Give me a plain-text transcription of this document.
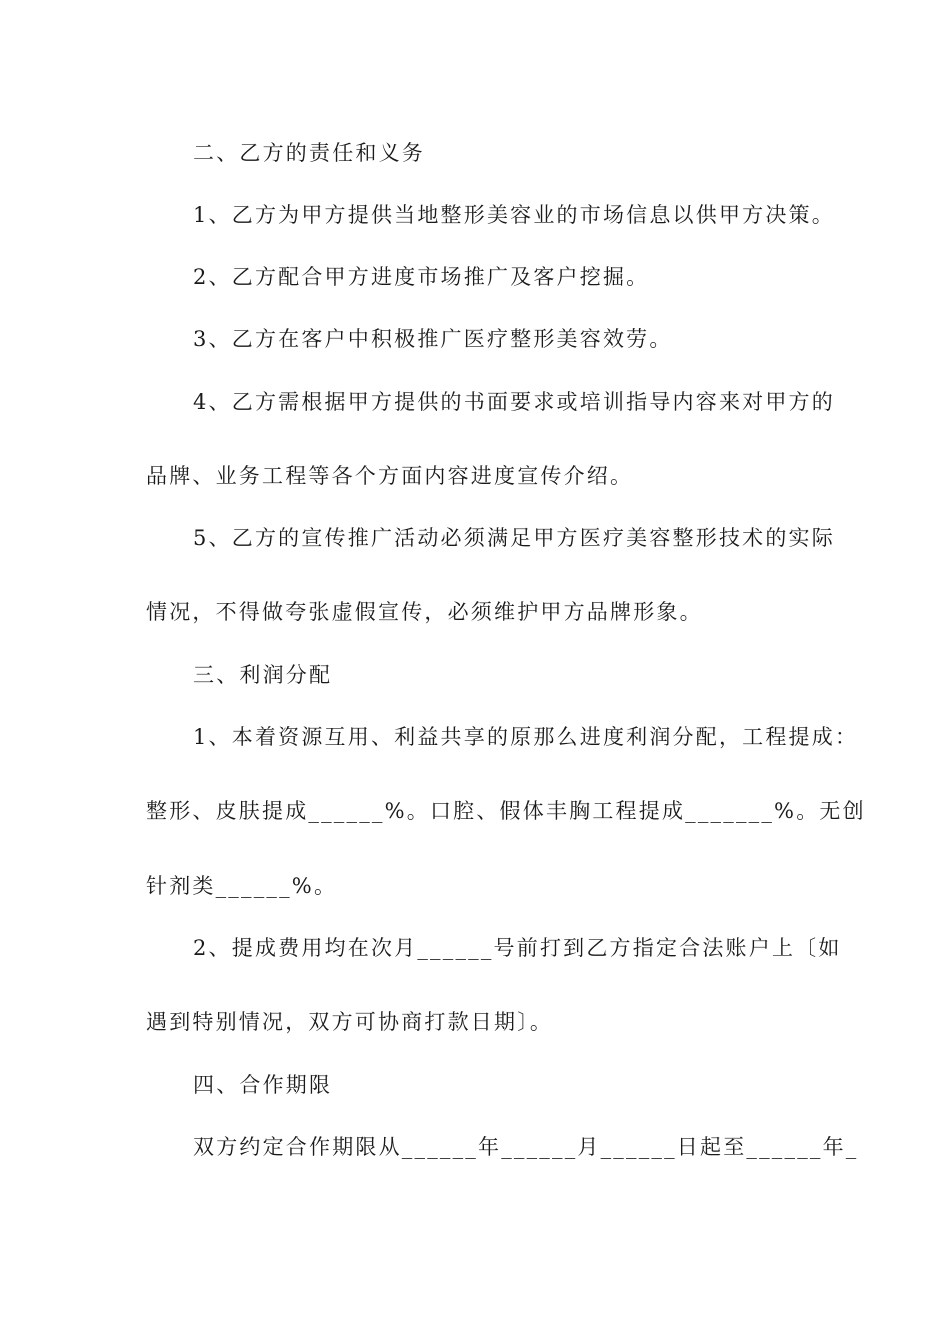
二、乙方的责任和义务
1、乙方为甲方提供当地整形美容业的市场信息以供甲方决策。
2、乙方配合甲方进度市场推广及客户挖掘。
3、乙方在客户中积极推广医疗整形美容效劳。
4、乙方需根据甲方提供的书面要求或培训指导内容来对甲方的
品牌、业务工程等各个方面内容进度宣传介绍。
5、乙方的宣传推广活动必须满足甲方医疗美容整形技术的实际
情况，不得做夸张虚假宣传，必须维护甲方品牌形象。
三、利润分配
1、本着资源互用、利益共享的原那么进度利润分配，工程提成：
整形、皮肤提成______%。口腔、假体丰胸工程提成_______%。无创
针剂类______%。
2、提成费用均在次月______号前打到乙方指定合法账户上〔如
遇到特别情况，双方可协商打款日期〕。
四、合作期限
双方约定合作期限从______年______月______日起至______年_
